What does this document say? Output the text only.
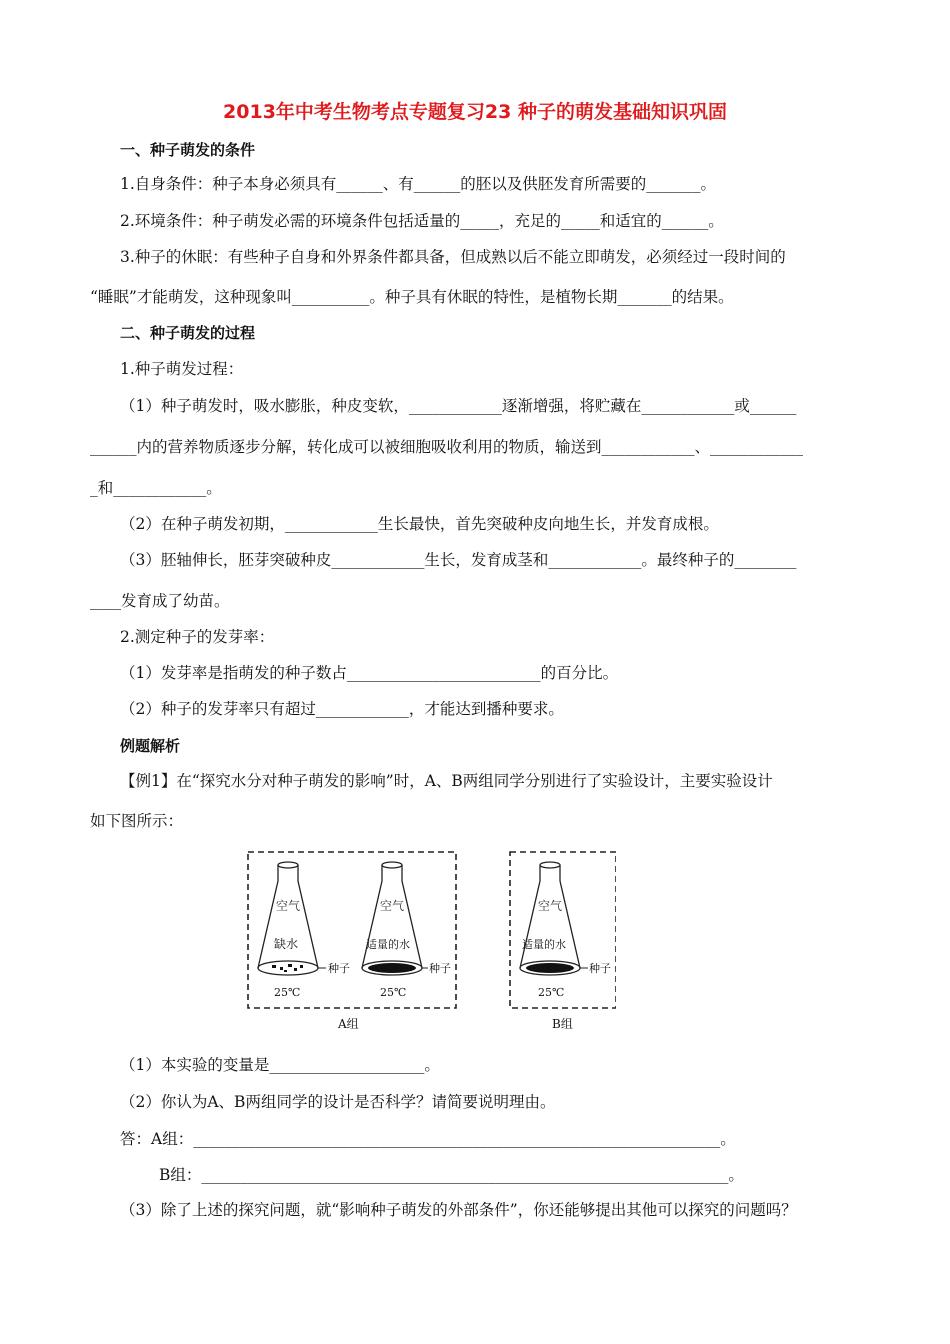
2013年中考生物考点专题复习23 种子的萌发基础知识巩固
一、种子萌发的条件
1.自身条件：种子本身必须具有______、有______的胚以及供胚发育所需要的_______。
2.环境条件：种子萌发必需的环境条件包括适量的_____，充足的_____和适宜的______。
3.种子的休眠：有些种子自身和外界条件都具备，但成熟以后不能立即萌发，必须经过一段时间的
“睡眠”才能萌发，这种现象叫__________。种子具有休眠的特性，是植物长期_______的结果。
二、种子萌发的过程
1.种子萌发过程：
（1）种子萌发时，吸水膨胀，种皮变软，____________逐渐增强，将贮藏在____________或______
______内的营养物质逐步分解，转化成可以被细胞吸收利用的物质，输送到____________、____________
_和____________。
（2）在种子萌发初期，____________生长最快，首先突破种皮向地生长，并发育成根。
（3）胚轴伸长，胚芽突破种皮____________生长，发育成茎和____________。最终种子的________
____发育成了幼苗。
2.测定种子的发芽率：
（1）发芽率是指萌发的种子数占_________________________的百分比。
（2）种子的发芽率只有超过____________，才能达到播种要求。
例题解析
【例1】在“探究水分对种子萌发的影响”时，A、B两组同学分别进行了实验设计，主要实验设计
如下图所示：
空气
缺水
种子
25℃
空气
适量的水
种子
25℃
空气
适量的水
种子
25℃
A组	B组
（1）本实验的变量是____________________。
（2）你认为A、B两组同学的设计是否科学？请简要说明理由。
答：A组：____________________________________________________________________。
B组：____________________________________________________________________。
（3）除了上述的探究问题，就“影响种子萌发的外部条件”，你还能够提出其他可以探究的问题吗？
